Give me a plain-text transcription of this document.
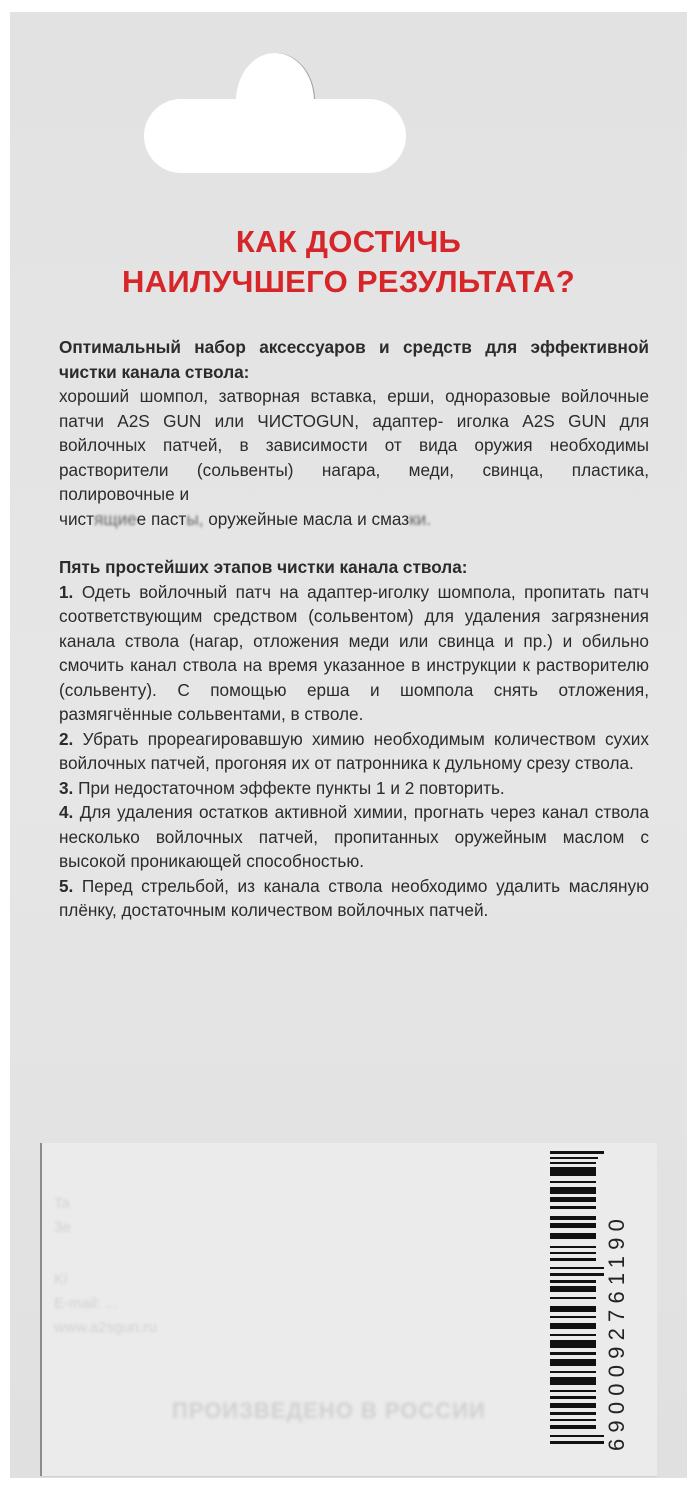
КАК ДОСТИЧЬ
НАИЛУЧШЕГО РЕЗУЛЬТАТА?

Оптимальный набор аксессуаров и средств для эффективной чистки канала ствола:

хороший шомпол, затворная вставка, ерши, одноразовые войлочные патчи A2S GUN или ЧИСТОGUN, адаптер- иголка A2S GUN для войлочных патчей, в зависимости от вида оружия необходимы растворители (сольвенты) нагара, меди, свинца, пластика, полировочные и
чистящиее пасты, оружейные масла и смазки.

Пять простейших этапов чистки канала ствола:

1. Одеть войлочный патч на адаптер-иголку шомпола, пропитать патч соответствующим средством (сольвентом) для удаления загрязнения канала ствола (нагар, отложения меди или свинца и пр.) и обильно смочить канал ствола на время указанное в инструкции к растворителю (сольвенту). С помощью ерша и шомпола снять отложения, размягчённые сольвентами, в стволе.

2. Убрать прореагировавшую химию необходимым количеством сухих войлочных патчей, прогоняя их от патронника к дульному срезу ствола.

3. При недостаточном эффекте пункты 1 и 2 повторить.

4. Для удаления остатков активной химии, прогнать через канал ствола несколько войлочных патчей, пропитанных оружейным маслом с высокой проникающей способностью.

5. Перед стрельбой, из канала ствола необходимо удалить масляную плёнку, достаточным количеством войлочных патчей.

Ta
3e
Ki
E-mail: ...
www.a2sgun.ru
ПРОИЗВЕДЕНО В РОССИИ	6900092761190
